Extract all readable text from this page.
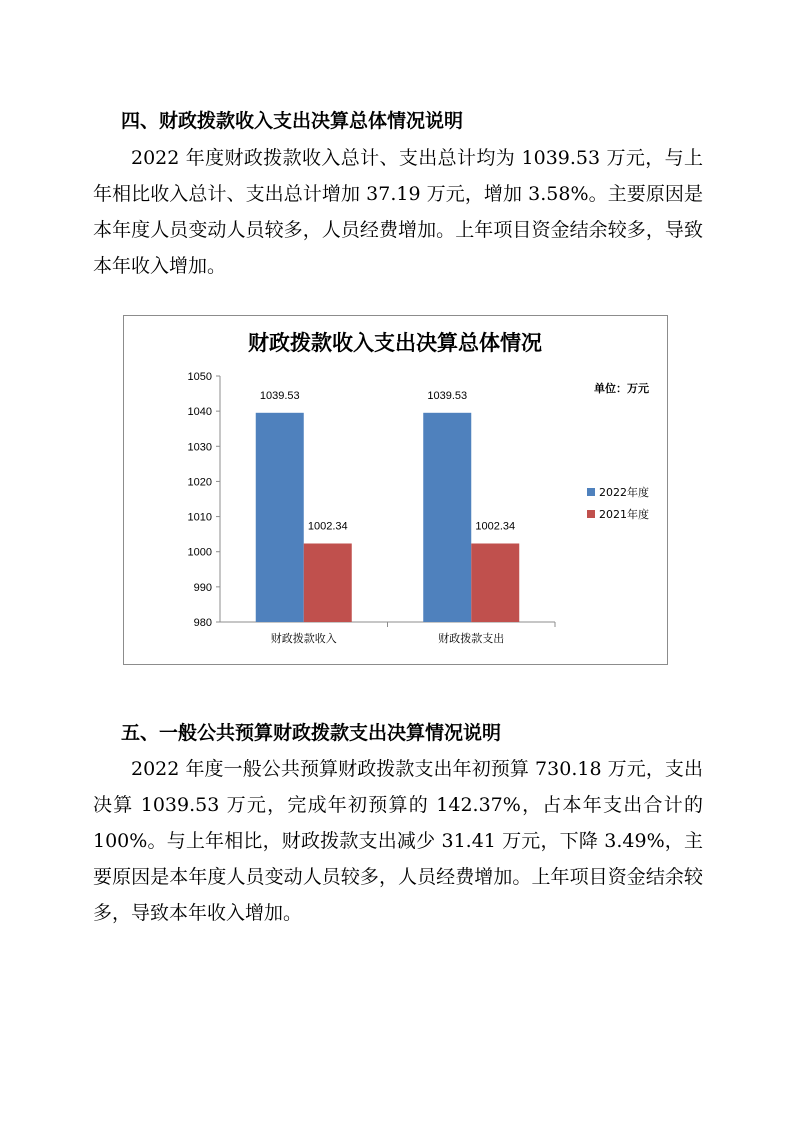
四、财政拨款收入支出决算总体情况说明

2022 年度财政拨款收入总计、支出总计均为 1039.53 万元，与上年相比收入总计、支出总计增加 37.19 万元，增加 3.58%。主要原因是本年度人员变动人员较多，人员经费增加。上年项目资金结余较多，导致本年收入增加。

财政拨款收入支出决算总体情况
单位：万元
980
990
1000
1010
1020
1030
1040
1050
1039.53
1002.34
1039.53
1002.34
财政拨款收入	财政拨款支出
2022年度
2021年度
五、一般公共预算财政拨款支出决算情况说明

2022 年度一般公共预算财政拨款支出年初预算 730.18 万元，支出决算 1039.53 万元，完成年初预算的 142.37%，占本年支出合计的 100%。与上年相比，财政拨款支出减少 31.41 万元，下降 3.49%，主要原因是本年度人员变动人员较多，人员经费增加。上年项目资金结余较多，导致本年收入增加。
